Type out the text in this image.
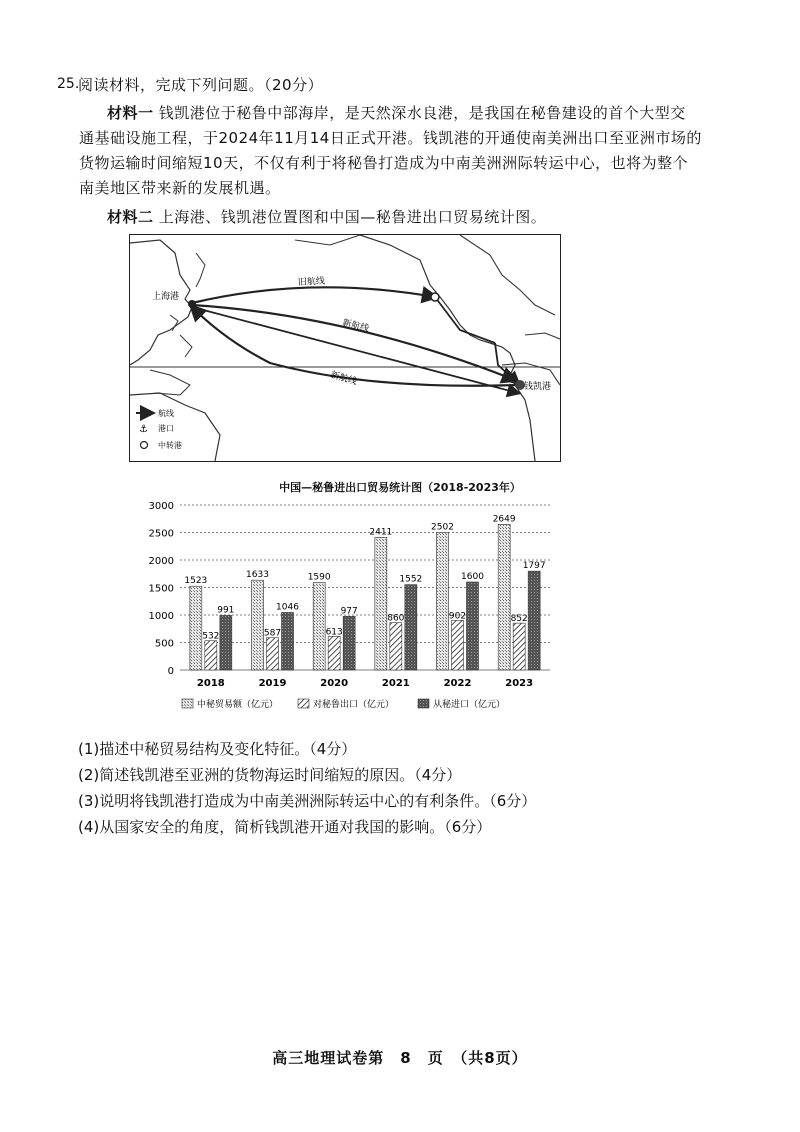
25.
阅读材料，完成下列问题。（20分）
材料一 钱凯港位于秘鲁中部海岸，是天然深水良港，是我国在秘鲁建设的首个大型交
通基础设施工程，于2024年11月14日正式开港。钱凯港的开通使南美洲出口至亚洲市场的
货物运输时间缩短10天，不仅有利于将秘鲁打造成为中南美洲洲际转运中心，也将为整个
南美地区带来新的发展机遇。
材料二 上海港、钱凯港位置图和中国—秘鲁进出口贸易统计图。
上海港
钱凯港
旧航线
新航线
新航线
航线
⚓ 港口
中转港
中国—秘鲁进出口贸易统计图（2018-2023年）
0
500
1000
1500
2000
2500
3000
1523
532
991
1633
587
1046
1590
613
977
2411
860
1552
2502
902
1600
2649
852
1797
2018	2019	2020	2021	2022	2023
中秘贸易额（亿元）	对秘鲁出口（亿元）	从秘进口（亿元）
(1)描述中秘贸易结构及变化特征。（4分）
(2)简述钱凯港至亚洲的货物海运时间缩短的原因。（4分）
(3)说明将钱凯港打造成为中南美洲洲际转运中心的有利条件。（6分）
(4)从国家安全的角度，简析钱凯港开通对我国的影响。（6分）
高三地理试卷第　8　页　（共8页）
